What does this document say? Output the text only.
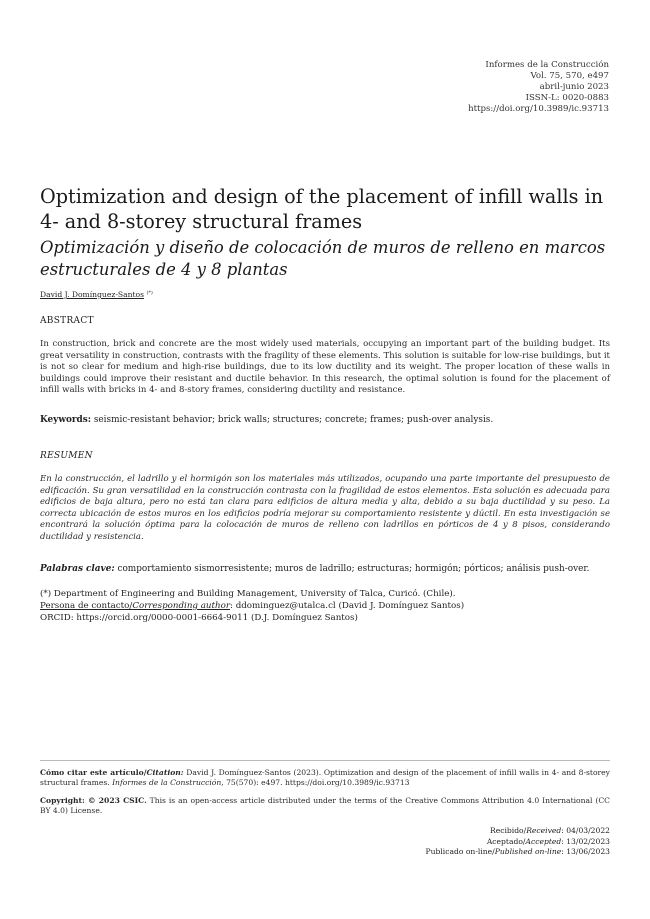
Informes de la Construcción
Vol. 75, 570, e497
abril-junio 2023
ISSN-L: 0020-0883
https://doi.org/10.3989/ic.93713
Optimization and design of the placement of infill walls in 4- and 8-storey structural frames
Optimización y diseño de colocación de muros de relleno en marcos estructurales de 4 y 8 plantas
David J. Domínguez-Santos (*)
ABSTRACT
In construction, brick and concrete are the most widely used materials, occupying an important part of the building budget. Its great versatility in construction, contrasts with the fragility of these elements. This solution is suitable for low-rise buildings, but it is not so clear for medium and high-rise buildings, due to its low ductility and its weight. The proper location of these walls in buildings could improve their resistant and ductile behavior. In this research, the optimal solution is found for the placement of infill walls with bricks in 4- and 8-story frames, considering ductility and resistance.
Keywords: seismic-resistant behavior; brick walls; structures; concrete; frames; push-over analysis.
RESUMEN
En la construcción, el ladrillo y el hormigón son los materiales más utilizados, ocupando una parte importante del presupuesto de edificación. Su gran versatilidad en la construcción contrasta con la fragilidad de estos elementos. Esta solución es adecuada para edificios de baja altura, pero no está tan clara para edificios de altura media y alta, debido a su baja ductilidad y su peso. La correcta ubicación de estos muros en los edificios podría mejorar su comportamiento resistente y dúctil. En esta investigación se encontrará la solución óptima para la colocación de muros de relleno con ladrillos en pórticos de 4 y 8 pisos, considerando ductilidad y resistencia.
Palabras clave: comportamiento sismorresistente; muros de ladrillo; estructuras; hormigón; pórticos; análisis push-over.
(*) Department of Engineering and Building Management, University of Talca, Curicó. (Chile).
Persona de contacto/Corresponding author: ddominguez@utalca.cl (David J. Domínguez Santos)
ORCID: https://orcid.org/0000-0001-6664-9011 (D.J. Domínguez Santos)
Cómo citar este artículo/Citation: David J. Domínguez-Santos (2023). Optimization and design of the placement of infill walls in 4- and 8-storey structural frames. Informes de la Construcción, 75(570): e497. https://doi.org/10.3989/ic.93713
Copyright: © 2023 CSIC. This is an open-access article distributed under the terms of the Creative Commons Attribution 4.0 International (CC BY 4.0) License.
Recibido/Received: 04/03/2022
Aceptado/Accepted: 13/02/2023
Publicado on-line/Published on-line: 13/06/2023
